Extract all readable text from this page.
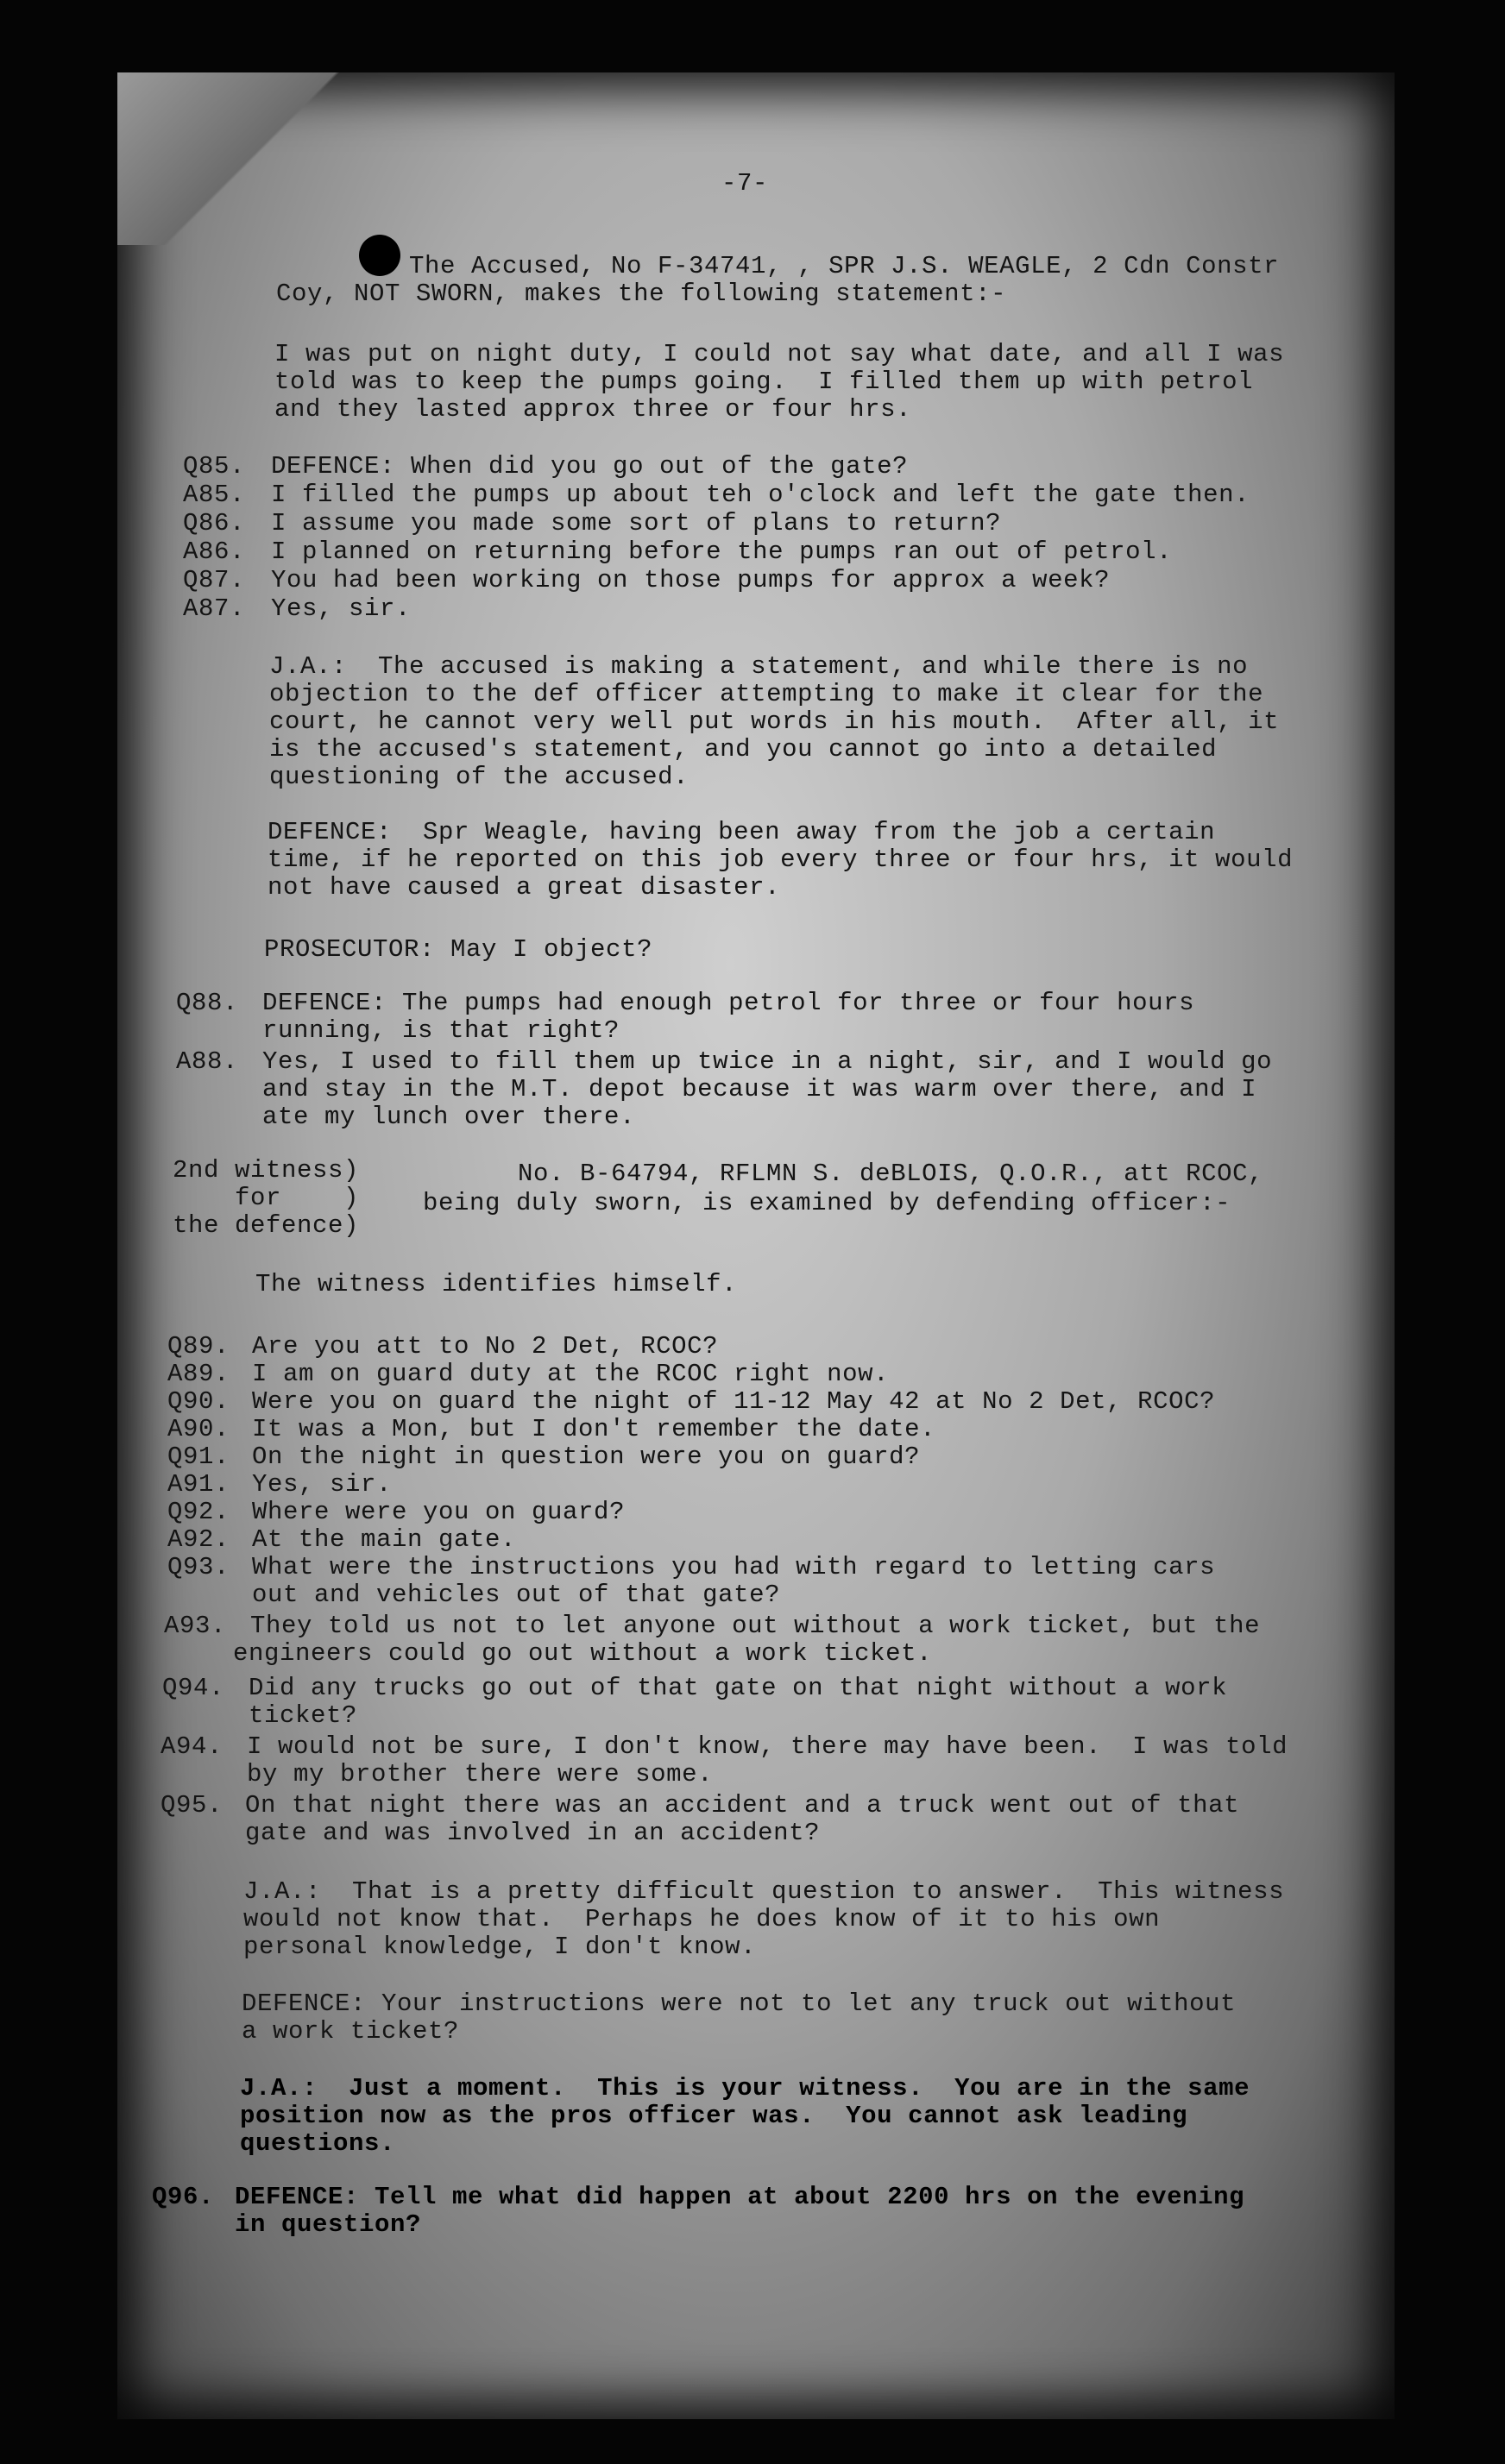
-7-
The Accused, No F-34741, , SPR J.S. WEAGLE, 2 Cdn Constr
Coy, NOT SWORN, makes the following statement:-
I was put on night duty, I could not say what date, and all I was
told was to keep the pumps going.  I filled them up with petrol
and they lasted approx three or four hrs.
Q85. DEFENCE: When did you go out of the gate?
A85. I filled the pumps up about teh o'clock and left the gate then.
Q86. I assume you made some sort of plans to return?
A86. I planned on returning before the pumps ran out of petrol.
Q87. You had been working on those pumps for approx a week?
A87. Yes, sir.
J.A.:  The accused is making a statement, and while there is no
objection to the def officer attempting to make it clear for the
court, he cannot very well put words in his mouth.  After all, it
is the accused's statement, and you cannot go into a detailed
questioning of the accused.
DEFENCE:  Spr Weagle, having been away from the job a certain
time, if he reported on this job every three or four hrs, it would
not have caused a great disaster.
PROSECUTOR: May I object?
Q88. DEFENCE: The pumps had enough petrol for three or four hours
running, is that right?
A88. Yes, I used to fill them up twice in a night, sir, and I would go
and stay in the M.T. depot because it was warm over there, and I
ate my lunch over there.
2nd witness)
for    )
the defence)
No. B-64794, RFLMN S. deBLOIS, Q.O.R., att RCOC,
being duly sworn, is examined by defending officer:-
The witness identifies himself.
Q89. Are you att to No 2 Det, RCOC?
A89. I am on guard duty at the RCOC right now.
Q90. Were you on guard the night of 11-12 May 42 at No 2 Det, RCOC?
A90. It was a Mon, but I don't remember the date.
Q91. On the night in question were you on guard?
A91. Yes, sir.
Q92. Where were you on guard?
A92. At the main gate.
Q93. What were the instructions you had with regard to letting cars
out and vehicles out of that gate?
A93. They told us not to let anyone out without a work ticket, but the
engineers could go out without a work ticket.
Q94. Did any trucks go out of that gate on that night without a work
ticket?
A94. I would not be sure, I don't know, there may have been.  I was told
by my brother there were some.
Q95. On that night there was an accident and a truck went out of that
gate and was involved in an accident?
J.A.:  That is a pretty difficult question to answer.  This witness
would not know that.  Perhaps he does know of it to his own
personal knowledge, I don't know.
DEFENCE: Your instructions were not to let any truck out without
a work ticket?
J.A.:  Just a moment.  This is your witness.  You are in the same
position now as the pros officer was.  You cannot ask leading
questions.
Q96. DEFENCE: Tell me what did happen at about 2200 hrs on the evening
in question?
